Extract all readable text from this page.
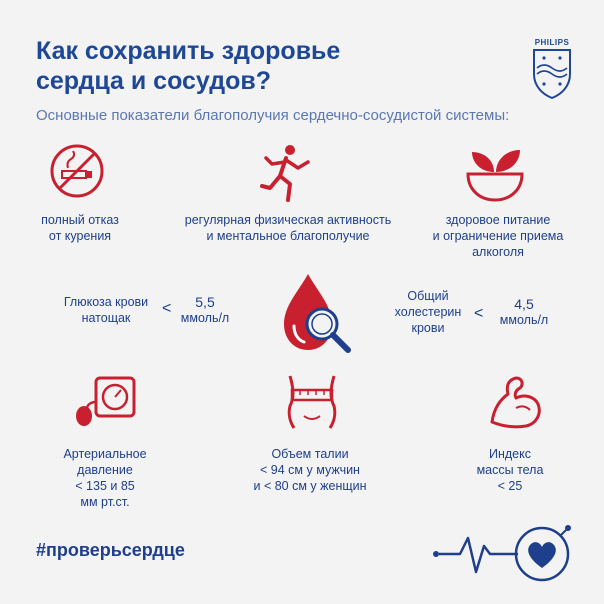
Как сохранить здоровье
сердца и сосудов?
Основные показатели благополучия сердечно-сосудистой системы:
PHILIPS
полный отказ
от курения
регулярная физическая активность
и ментальное благополучие
здоровое питание
и ограничение приема
алкоголя
Глюкоза крови
натощак
<	5,5
ммоль/л
Общий
холестерин
крови
<
4,5
ммоль/л
Артериальное
давление
< 135 и 85
мм рт.ст.
Объем талии
< 94 см у мужчин
и < 80 см у женщин
Индекс
массы тела
< 25
#проверьсердце
